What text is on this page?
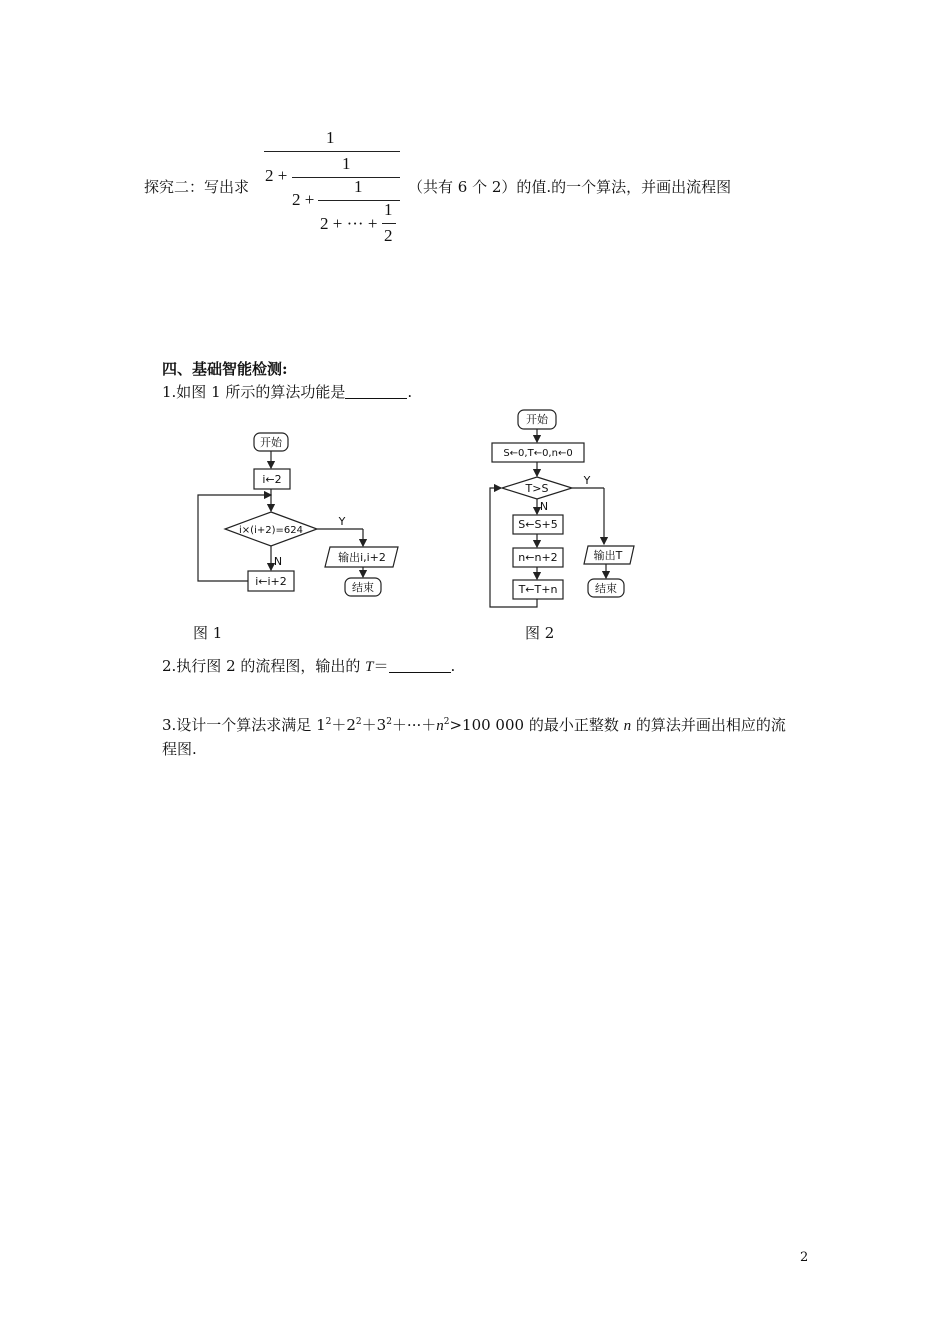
探究二：写出求
1
2 +
1
2 +
1
2 + ··· +
1
2
（共有 6 个 2）的值.的一个算法，并画出流程图
四、基础智能检测:
1.如图 1 所示的算法功能是	.
开始
i←2
i×(i+2)=624
Y
N
i←i+2
输出i,i+2
结束
图 1
开始
S←0,T←0,n←0
T>S
Y
N
S←S+5
n←n+2
T←T+n
输出T
结束
图 2
2.执行图 2 的流程图，输出的 T＝	.
3.设计一个算法求满足 $1^2+2^2+3^2+\cdot\cdot\cdot+n^2>100$ 000 的最小正整数 n 的算法并画出相应的流
程图.
2
